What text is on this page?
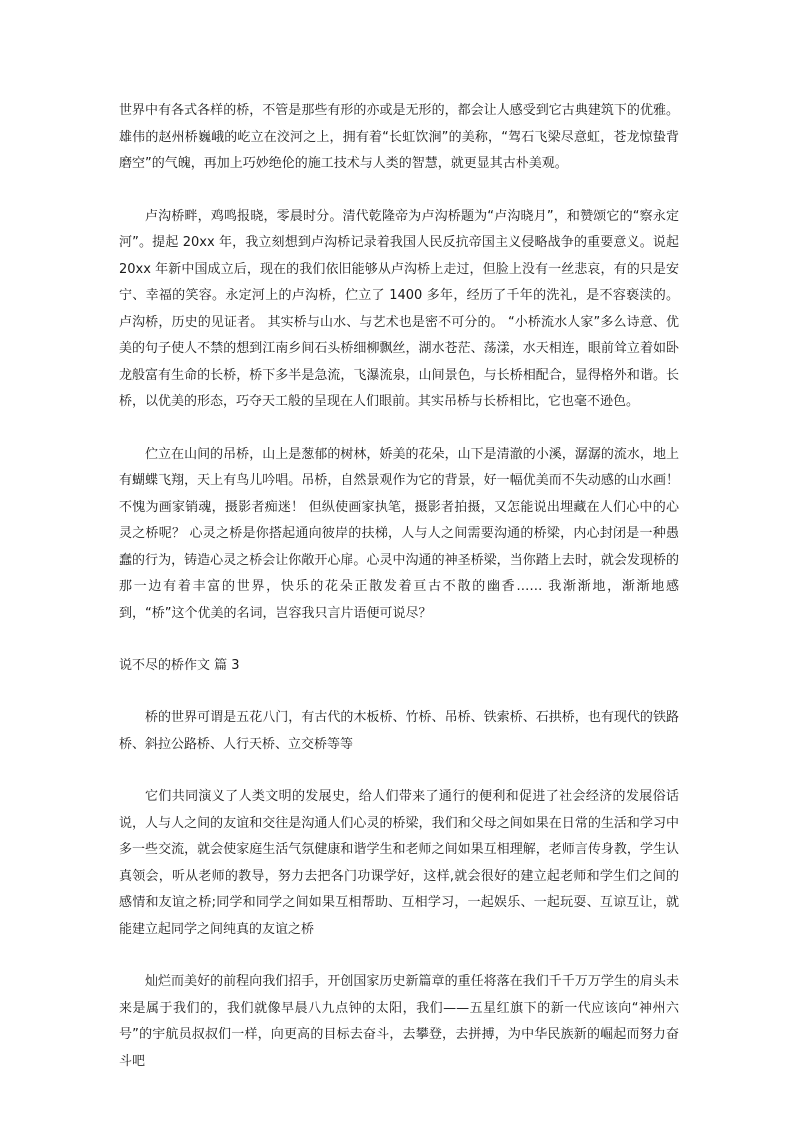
世界中有各式各样的桥，不管是那些有形的亦或是无形的，都会让人感受到它古典建筑下的优雅。 雄伟的赵州桥巍峨的屹立在洨河之上，拥有着“长虹饮涧”的美称，“驾石飞梁尽意虹，苍龙惊蛰背磨空”的气魄，再加上巧妙绝伦的施工技术与人类的智慧，就更显其古朴美观。

卢沟桥畔，鸡鸣报晓，零晨时分。清代乾隆帝为卢沟桥题为“卢沟晓月”，和赞颂它的“察永定河”。提起 20xx 年，我立刻想到卢沟桥记录着我国人民反抗帝国主义侵略战争的重要意义。说起 20xx 年新中国成立后，现在的我们依旧能够从卢沟桥上走过，但脸上没有一丝悲哀，有的只是安宁、幸福的笑容。永定河上的卢沟桥，伫立了 1400 多年，经历了千年的洗礼，是不容亵渎的。卢沟桥，历史的见证者。 其实桥与山水、与艺术也是密不可分的。 “小桥流水人家”多么诗意、优美的句子使人不禁的想到江南乡间石头桥细柳飘丝，湖水苍茫、荡漾，水天相连，眼前耸立着如卧龙般富有生命的长桥，桥下多半是急流，飞瀑流泉，山间景色，与长桥相配合，显得格外和谐。长桥，以优美的形态，巧夺天工般的呈现在人们眼前。其实吊桥与长桥相比，它也毫不逊色。

伫立在山间的吊桥，山上是葱郁的树林，娇美的花朵，山下是清澈的小溪，潺潺的流水，地上有蝴蝶飞翔，天上有鸟儿吟唱。吊桥，自然景观作为它的背景，好一幅优美而不失动感的山水画！不愧为画家销魂，摄影者痴迷！ 但纵使画家执笔，摄影者拍摄，又怎能说出埋藏在人们心中的心灵之桥呢？ 心灵之桥是你搭起通向彼岸的扶梯，人与人之间需要沟通的桥梁，内心封闭是一种愚蠢的行为，铸造心灵之桥会让你敞开心扉。心灵中沟通的神圣桥梁，当你踏上去时，就会发现桥的那一边有着丰富的世界，快乐的花朵正散发着亘古不散的幽香…… 我渐渐地，渐渐地感到，“桥”这个优美的名词，岂容我只言片语便可说尽？

说不尽的桥作文 篇 3

桥的世界可谓是五花八门，有古代的木板桥、竹桥、吊桥、铁索桥、石拱桥，也有现代的铁路桥、斜拉公路桥、人行天桥、立交桥等等

它们共同演义了人类文明的发展史，给人们带来了通行的便利和促进了社会经济的发展俗话说，人与人之间的友谊和交往是沟通人们心灵的桥梁，我们和父母之间如果在日常的生活和学习中多一些交流，就会使家庭生活气氛健康和谐学生和老师之间如果互相理解，老师言传身教，学生认真领会，听从老师的教导，努力去把各门功课学好，这样,就会很好的建立起老师和学生们之间的感情和友谊之桥;同学和同学之间如果互相帮助、互相学习，一起娱乐、一起玩耍、互谅互让，就能建立起同学之间纯真的友谊之桥

灿烂而美好的前程向我们招手，开创国家历史新篇章的重任将落在我们千千万万学生的肩头未来是属于我们的，我们就像早晨八九点钟的太阳，我们——五星红旗下的新一代应该向“神州六号”的宇航员叔叔们一样，向更高的目标去奋斗，去攀登，去拼搏，为中华民族新的崛起而努力奋斗吧
